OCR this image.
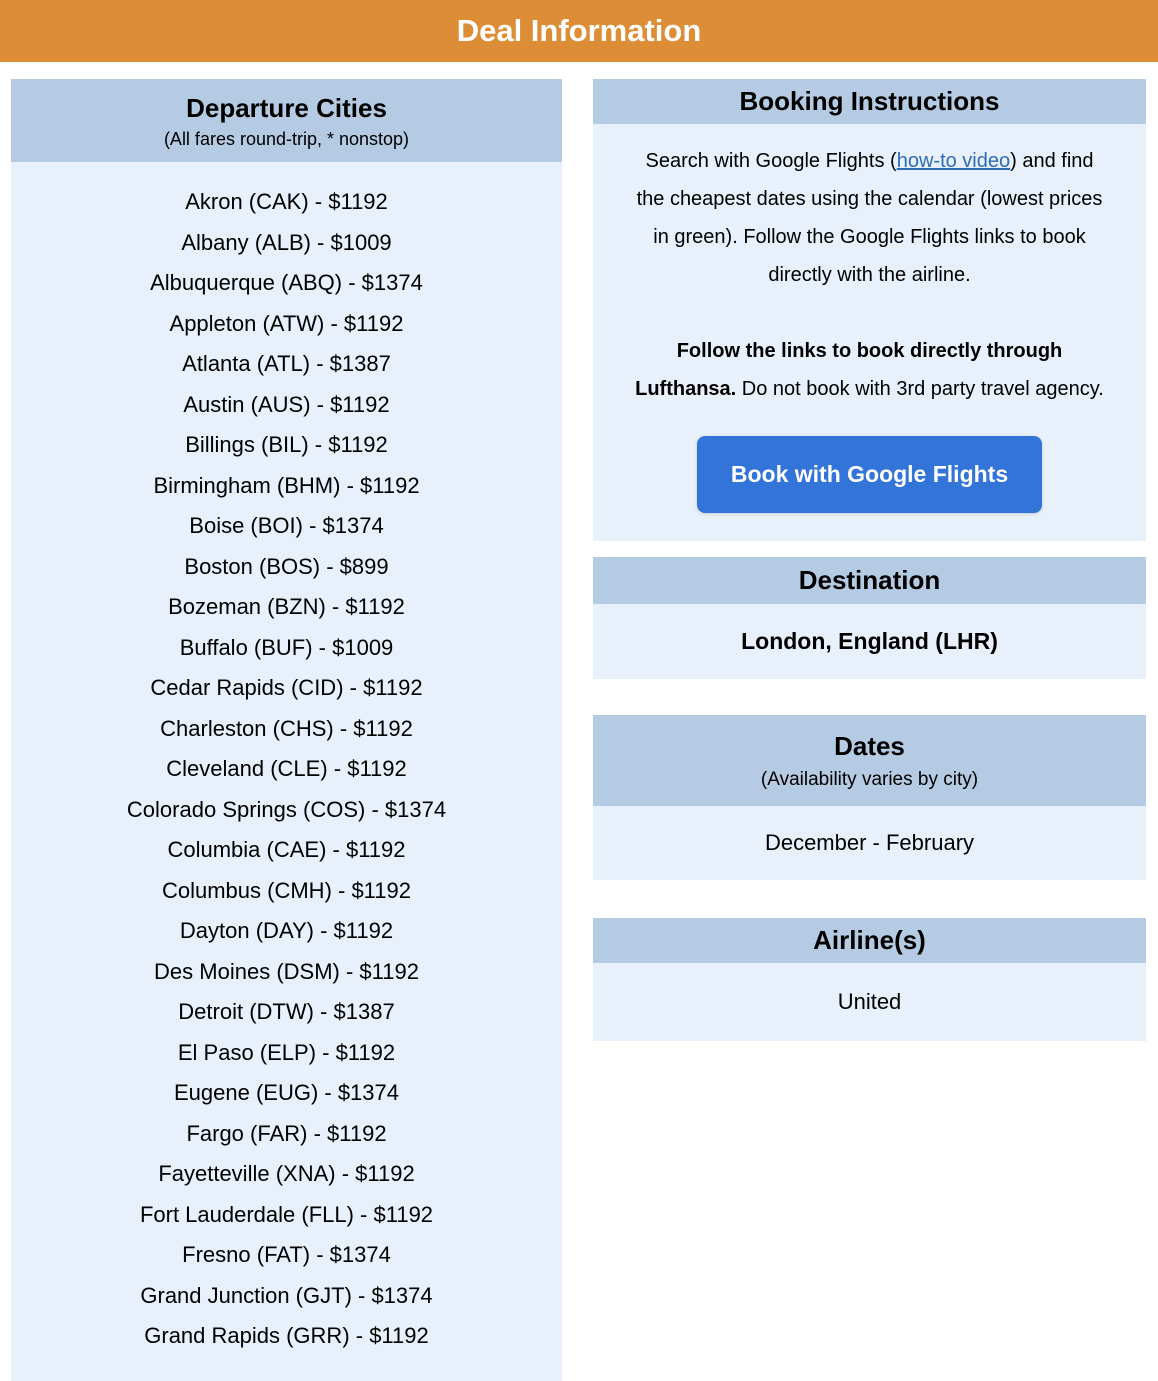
Deal Information
Departure Cities
(All fares round-trip, * nonstop)
Akron (CAK) - $1192
Albany (ALB) - $1009
Albuquerque (ABQ) - $1374
Appleton (ATW) - $1192
Atlanta (ATL) - $1387
Austin (AUS) - $1192
Billings (BIL) - $1192
Birmingham (BHM) - $1192
Boise (BOI) - $1374
Boston (BOS) - $899
Bozeman (BZN) - $1192
Buffalo (BUF) - $1009
Cedar Rapids (CID) - $1192
Charleston (CHS) - $1192
Cleveland (CLE) - $1192
Colorado Springs (COS) - $1374
Columbia (CAE) - $1192
Columbus (CMH) - $1192
Dayton (DAY) - $1192
Des Moines (DSM) - $1192
Detroit (DTW) - $1387
El Paso (ELP) - $1192
Eugene (EUG) - $1374
Fargo (FAR) - $1192
Fayetteville (XNA) - $1192
Fort Lauderdale (FLL) - $1192
Fresno (FAT) - $1374
Grand Junction (GJT) - $1374
Grand Rapids (GRR) - $1192
Booking Instructions

Search with Google Flights (how-to video) and find the cheapest dates using the calendar (lowest prices in green). Follow the Google Flights links to book directly with the airline.

Follow the links to book directly through Lufthansa. Do not book with 3rd party travel agency.

Book with Google Flights
Destination
London, England (LHR)
Dates
(Availability varies by city)
December - February
Airline(s)
United
